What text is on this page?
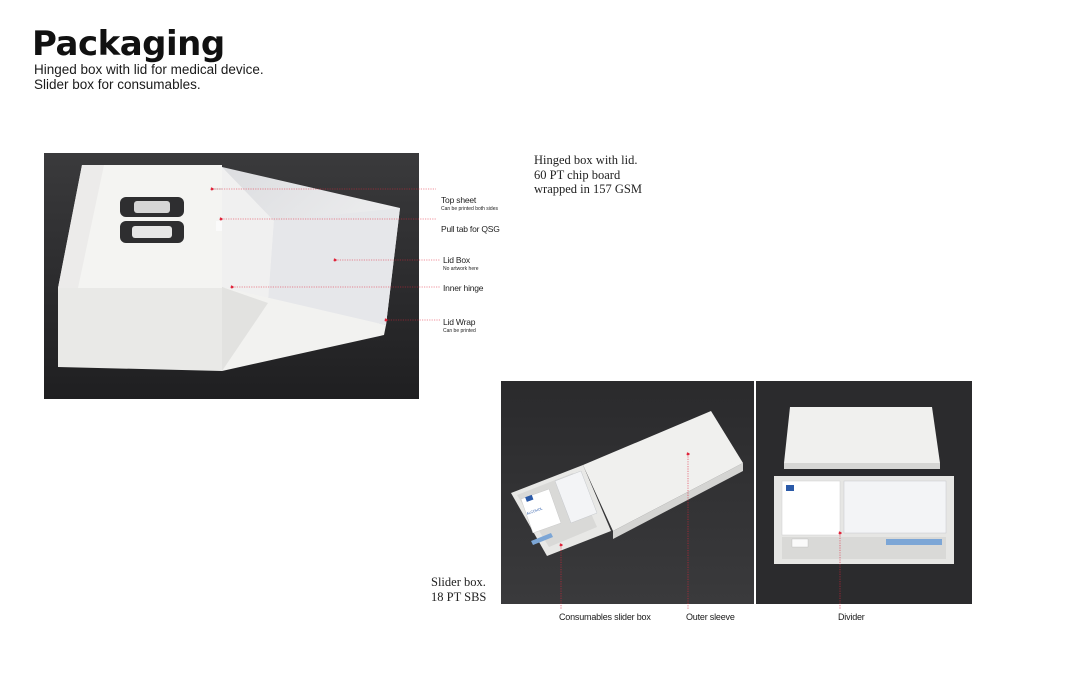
Packaging
Hinged box with lid for medical device.
Slider box for consumables.
Hinged box with lid.
60 PT chip board
wrapped in 157 GSM
Top sheet
Can be printed both sides
Pull tab for QSG
Lid Box
No artwork here
Inner hinge
Lid Wrap
Can be printed
Slider box.
18 PT SBS
ALCOHOL
Consumables slider box	Outer sleeve	Divider
